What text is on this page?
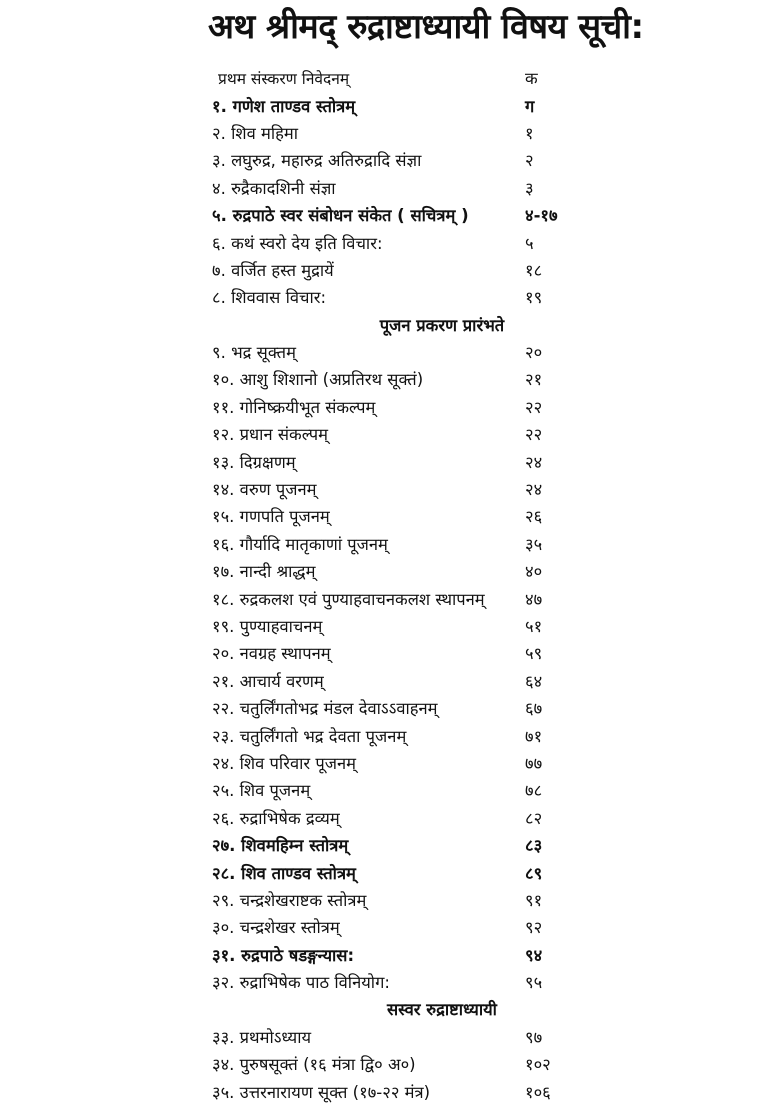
अथ श्रीमद् रुद्राष्टाध्यायी विषय सूची:
प्रथम संस्करण निवेदनम्	क
१. गणेश ताण्डव स्तोत्रम्	ग
२. शिव महिमा	१
३. लघुरुद्र, महारुद्र अतिरुद्रादि संज्ञा	२
४. रुद्रैकादशिनी संज्ञा	३
५. रुद्रपाठे स्वर संबोधन संकेत ( सचित्रम् )	४-१७
६. कथं स्वरो देय इति विचार:	५
७. वर्जित हस्त मुद्रायें	१८
८. शिववास विचार:	१९
पूजन प्रकरण प्रारंभते
९. भद्र सूक्तम्	२०
१०. आशु शिशानो (अप्रतिरथ सूक्तं)	२१
११. गोनिष्क्रयीभूत संकल्पम्	२२
१२. प्रधान संकल्पम्	२२
१३. दिग्रक्षणम्	२४
१४. वरुण पूजनम्	२४
१५. गणपति पूजनम्	२६
१६. गौर्यादि मातृकाणां पूजनम्	३५
१७. नान्दी श्राद्धम्	४०
१८. रुद्रकलश एवं पुण्याहवाचनकलश स्थापनम् ४७
१९. पुण्याहवाचनम्	५१
२०. नवग्रह स्थापनम्	५९
२१. आचार्य वरणम्	६४
२२. चतुर्लिंगतोभद्र मंडल देवाऽऽवाहनम्	६७
२३. चतुर्लिंगतो भद्र देवता पूजनम्	७१
२४. शिव परिवार पूजनम्	७७
२५. शिव पूजनम्	७८
२६. रुद्राभिषेक द्रव्यम्	८२
२७. शिवमहिम्न स्तोत्रम्	८३
२८. शिव ताण्डव स्तोत्रम्	८९
२९. चन्द्रशेखराष्टक स्तोत्रम्	९१
३०. चन्द्रशेखर स्तोत्रम्	९२
३१. रुद्रपाठे षडङ्गन्यास:	९४
३२. रुद्राभिषेक पाठ विनियोग:	९५
सस्वर रुद्राष्टाध्यायी
३३. प्रथमोऽध्याय	९७
३४. पुरुषसूक्तं (१६ मंत्रा द्वि० अ०)	१०२
३५. उत्तरनारायण सूक्त (१७-२२ मंत्र)	१०६
